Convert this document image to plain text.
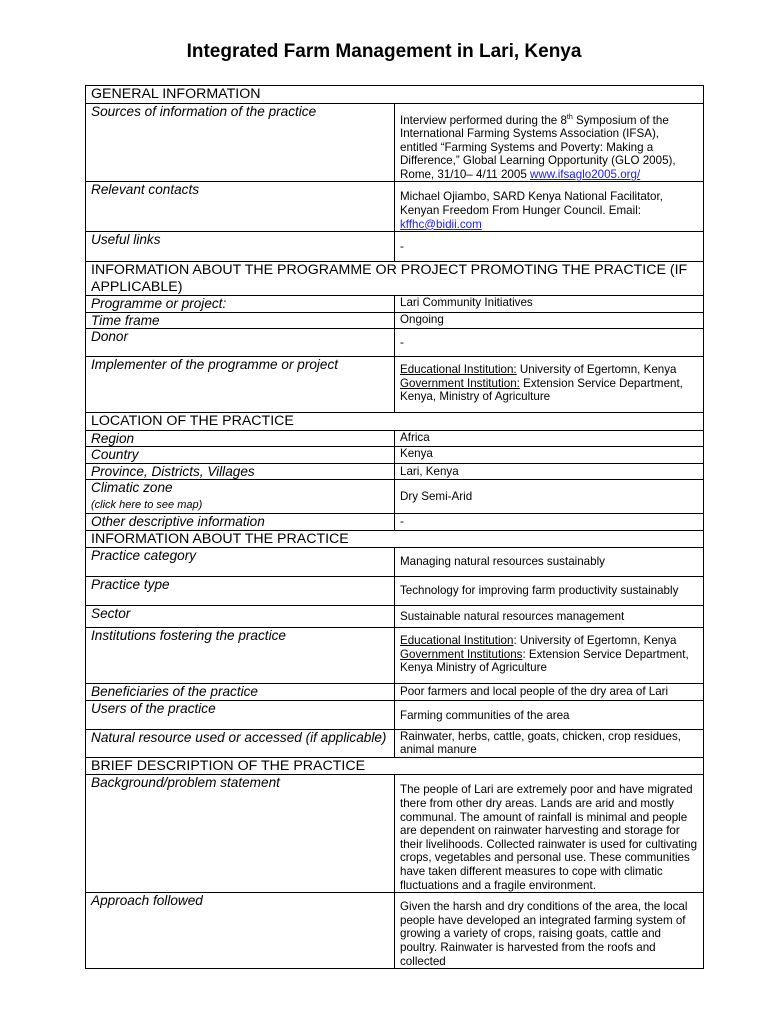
Integrated Farm Management in Lari, Kenya
GENERAL INFORMATION	
Sources of information of the practice	Interview performed during the 8th Symposium of the International Farming Systems Association (IFSA), entitled “Farming Systems and Poverty: Making a Difference,” Global Learning Opportunity (GLO 2005), Rome, 31/10– 4/11 2005 www.ifsaglo2005.org/
Relevant contacts	Michael Ojiambo, SARD Kenya National Facilitator, Kenyan Freedom From Hunger Council. Email: kffhc@bidii.com
Useful links	-
INFORMATION ABOUT THE PROGRAMME OR PROJECT PROMOTING THE PRACTICE (IF APPLICABLE)	
Programme or project:	Lari Community Initiatives
Time frame	Ongoing
Donor	-
Implementer of the programme or project	Educational Institution: University of Egertomn, Kenya
Government Institution: Extension Service Department, Kenya, Ministry of Agriculture
LOCATION OF THE PRACTICE	
Region	Africa
Country	Kenya
Province, Districts, Villages	Lari, Kenya
Climatic zone
(click here to see map)	Dry Semi-Arid
Other descriptive information	-
INFORMATION ABOUT THE PRACTICE	
Practice category	Managing natural resources sustainably
Practice type	Technology for improving farm productivity sustainably
Sector	Sustainable natural resources management
Institutions fostering the practice	Educational Institution: University of Egertomn, Kenya
Government Institutions: Extension Service Department, Kenya Ministry of Agriculture
Beneficiaries of the practice	Poor farmers and local people of the dry area of Lari
Users of the practice	Farming communities of the area
Natural resource used or accessed (if applicable)	Rainwater, herbs, cattle, goats, chicken, crop residues, animal manure
BRIEF DESCRIPTION OF THE PRACTICE	
Background/problem statement	The people of Lari are extremely poor and have migrated there from other dry areas. Lands are arid and mostly communal. The amount of rainfall is minimal and people are dependent on rainwater harvesting and storage for their livelihoods. Collected rainwater is used for cultivating crops, vegetables and personal use. These communities have taken different measures to cope with climatic fluctuations and a fragile environment.
Approach followed	Given the harsh and dry conditions of the area, the local people have developed an integrated farming system of growing a variety of crops, raising goats, cattle and poultry. Rainwater is harvested from the roofs and collected
